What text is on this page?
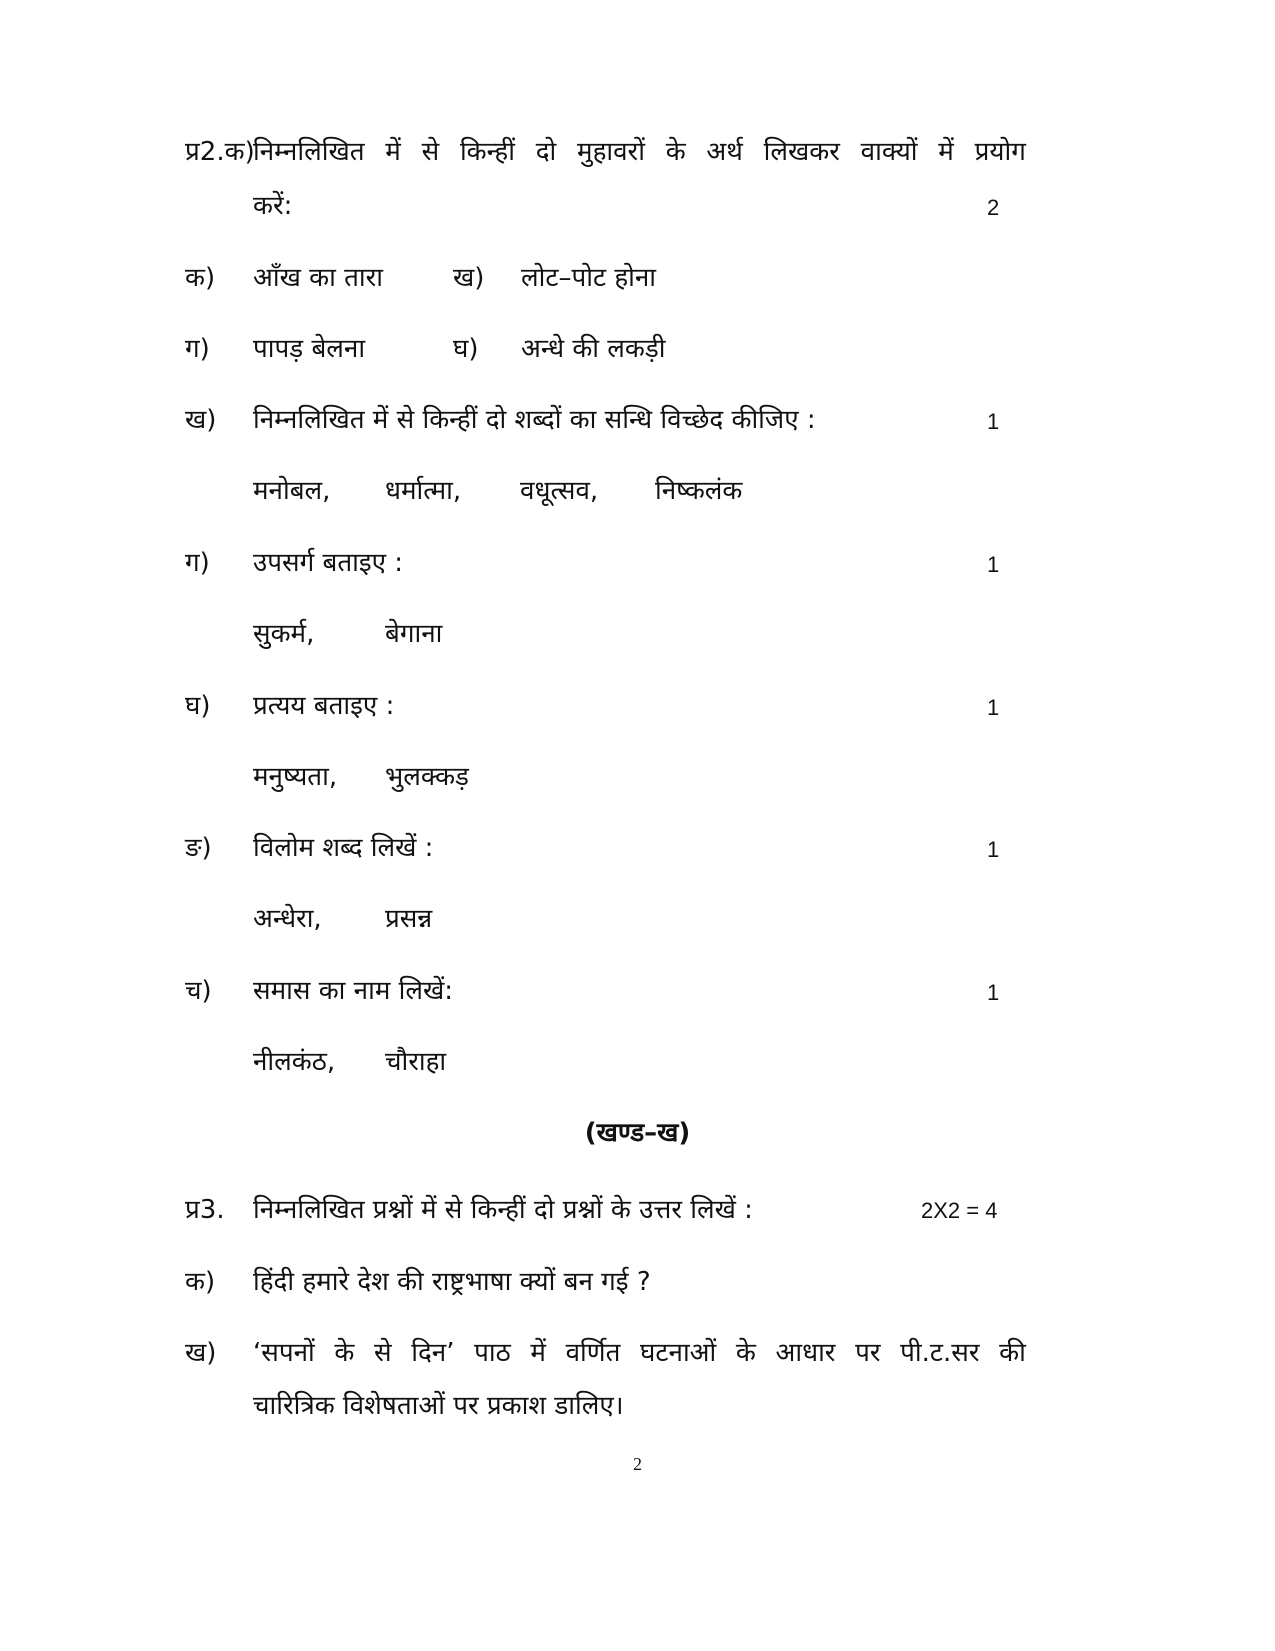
प्र2.क)
निम्नलिखित में से किन्हीं दो मुहावरों के अर्थ लिखकर वाक्यों में प्रयोग
करें:	2
क) आँख का तारा	ख) लोट–पोट होना
ग) पापड़ बेलना	घ) अन्धे की लकड़ी
ख) निम्नलिखित में से किन्हीं दो शब्दों का सन्धि विच्छेद कीजिए :	1
मनोबल, धर्मात्मा, वधूत्सव, निष्कलंक
ग) उपसर्ग बताइए :	1
सुकर्म,	बेगाना
घ) प्रत्यय बताइए :	1
मनुष्यता, भुलक्कड़
ङ) विलोम शब्द लिखें :	1
अन्धेरा, प्रसन्न
च) समास का नाम लिखें:	1
नीलकंठ, चौराहा
(खण्ड–ख)
प्र3. निम्नलिखित प्रश्नों में से किन्हीं दो प्रश्नों के उत्तर लिखें :	2X2 = 4
क) हिंदी हमारे देश की राष्ट्रभाषा क्यों बन गई ?
ख) ‘सपनों के से दिन’ पाठ में वर्णित घटनाओं के आधार पर पी.ट.सर की
चारित्रिक विशेषताओं पर प्रकाश डालिए।
2
